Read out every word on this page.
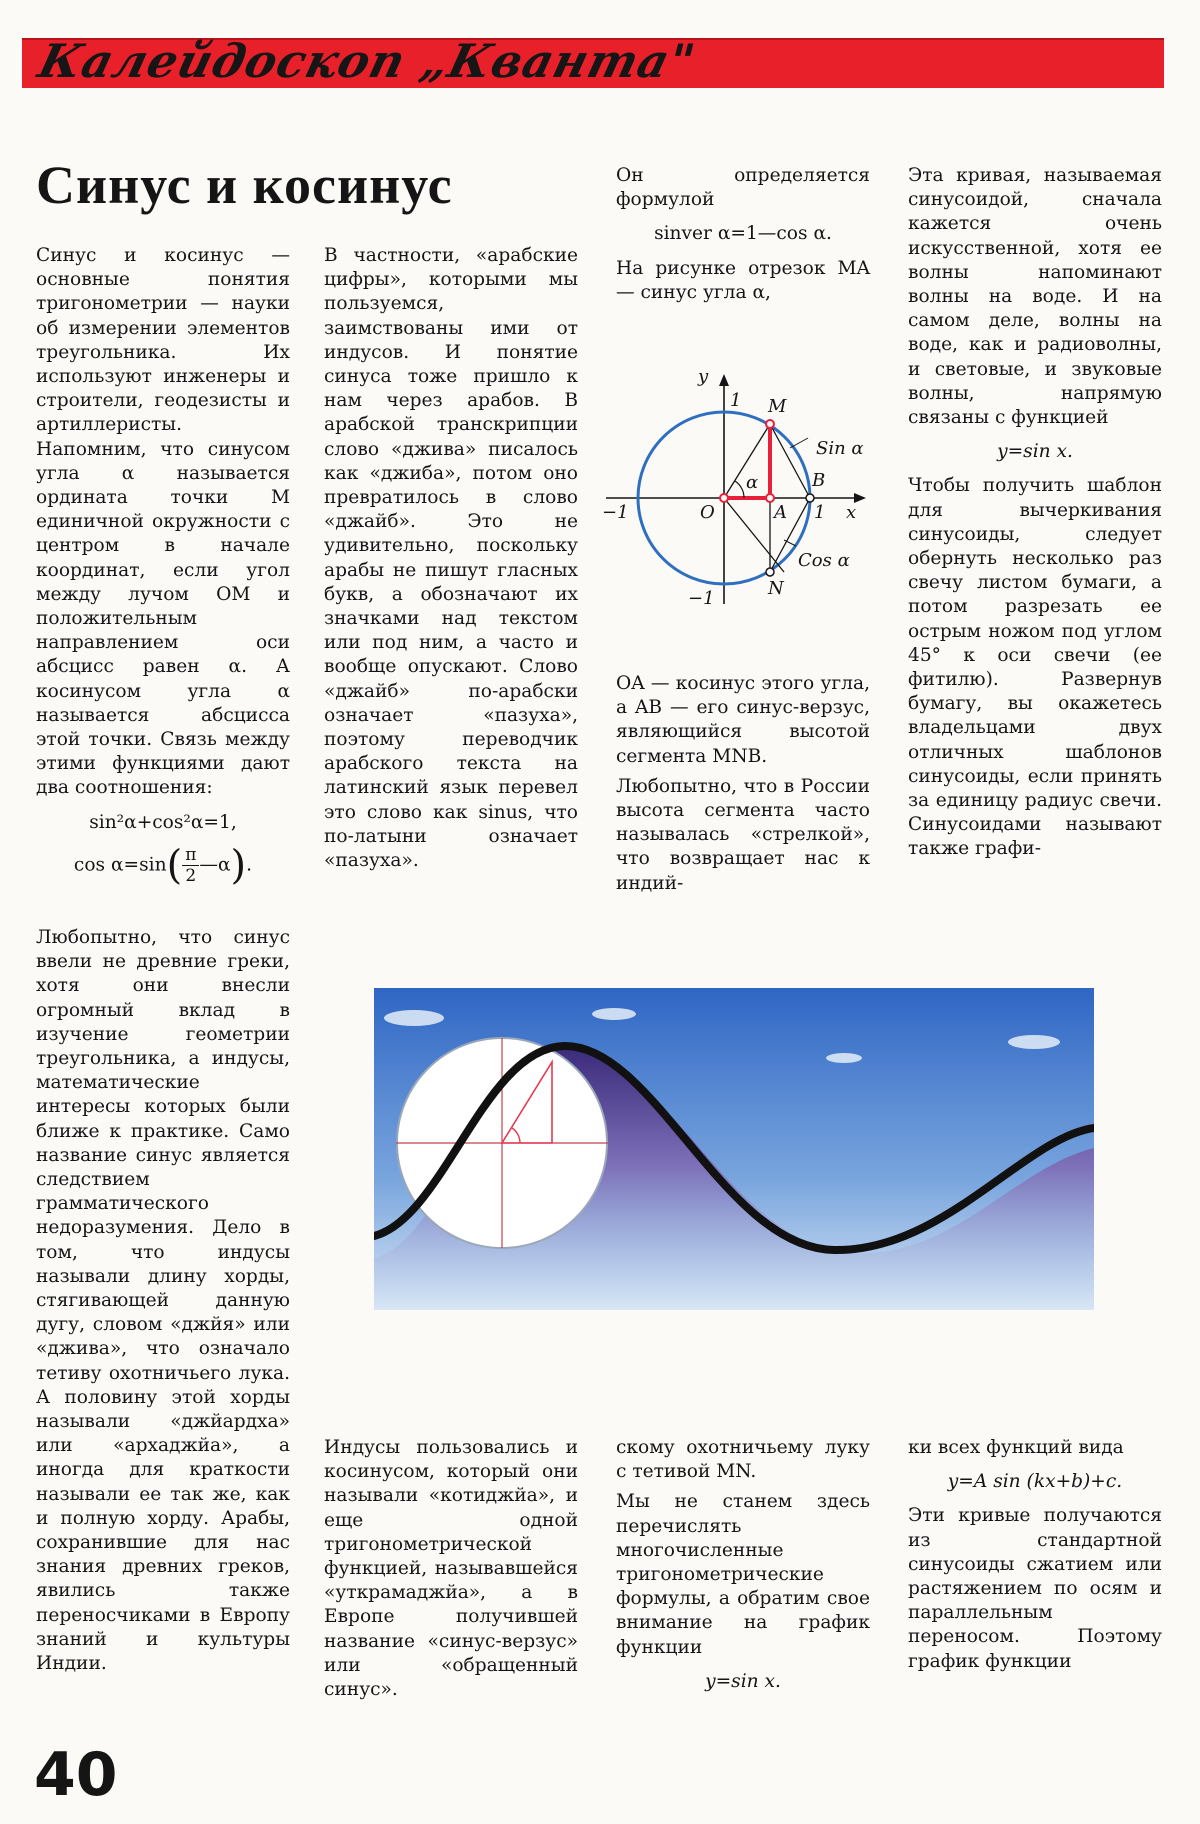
Калейдоскоп „Кванта"
Синус и косинус

Синус и косинус — основные понятия тригонометрии — науки об измерении элементов треугольника. Их используют инженеры и строители, геодезисты и артиллеристы. Напомним, что синусом угла α называется ордината точки M единичной окружности с центром в начале координат, если угол между лучом OM и положительным направлением оси абсцисс равен α. А косинусом угла α называется абсцисса этой точки. Связь между этими функциями дают два соотношения:

sin²α+cos²α=1,
$\cos \alpha=\sin( \frac{\pi}{2}$ —α).

Любопытно, что синус ввели не древние греки, хотя они внесли огромный вклад в изучение геометрии треугольника, а индусы, математические интересы которых были ближе к практике. Само название синус является следствием грамматического недоразумения. Дело в том, что индусы называли длину хорды, стягивающей данную дугу, словом «джйя» или «джива», что означало тетиву охотничьего лука. А половину этой хорды называли «джйардха» или «архаджйа», а иногда для краткости называли ее так же, как и полную хорду. Арабы, сохранившие для нас знания древних греков, явились также переносчиками в Европу знаний и культуры Индии.

В частности, «арабские цифры», которыми мы пользуемся, заимствованы ими от индусов. И понятие синуса тоже пришло к нам через арабов. В арабской транскрипции слово «джива» писалось как «джиба», потом оно превратилось в слово «джайб». Это не удивительно, поскольку арабы не пишут гласных букв, а обозначают их значками над текстом или под ним, а часто и вообще опускают. Слово «джайб» по-арабски означает «пазуха», поэтому переводчик арабского текста на латинский язык перевел это слово как sinus, что по-латыни означает «пазуха».

Индусы пользовались и косинусом, который они называли «котиджйа», и еще одной тригонометрической функцией, называвшейся «уткрамаджйа», а в Европе получившей название «синус-верзус» или «обращенный синус».

Он определяется формулой

sinver α=1—cos α.

На рисунке отрезок MA — синус угла α,

OA — косинус этого угла, а AB — его синус-верзус, являющийся высотой сегмента MNB.

Любопытно, что в России высота сегмента часто называлась «стрелкой», что возвращает нас к индий-

скому охотничьему луку с тетивой MN.

Мы не станем здесь перечислять многочисленные тригонометрические формулы, а обратим свое внимание на график функции

y=sin x.

Эта кривая, называемая синусоидой, сначала кажется очень искусственной, хотя ее волны напоминают волны на воде. И на самом деле, волны на воде, как и радиоволны, и световые, и звуковые волны, напрямую связаны с функцией

y=sin x.

Чтобы получить шаблон для вычеркивания синусоиды, следует обернуть несколько раз свечу листом бумаги, а потом разрезать ее острым ножом под углом 45° к оси свечи (ее фитилю). Развернув бумагу, вы окажетесь владельцами двух отличных шаблонов синусоиды, если принять за единицу радиус свечи. Синусоидами называют также графи-

ки всех функций вида

y=A sin (kx+b)+c.

Эти кривые получаются из стандартной синусоиды сжатием или растяжением по осям и параллельным переносом. Поэтому график функции

y
1 M
Sin α
B
α
−1	O	A 1 x
Cos α
N
−1
40
